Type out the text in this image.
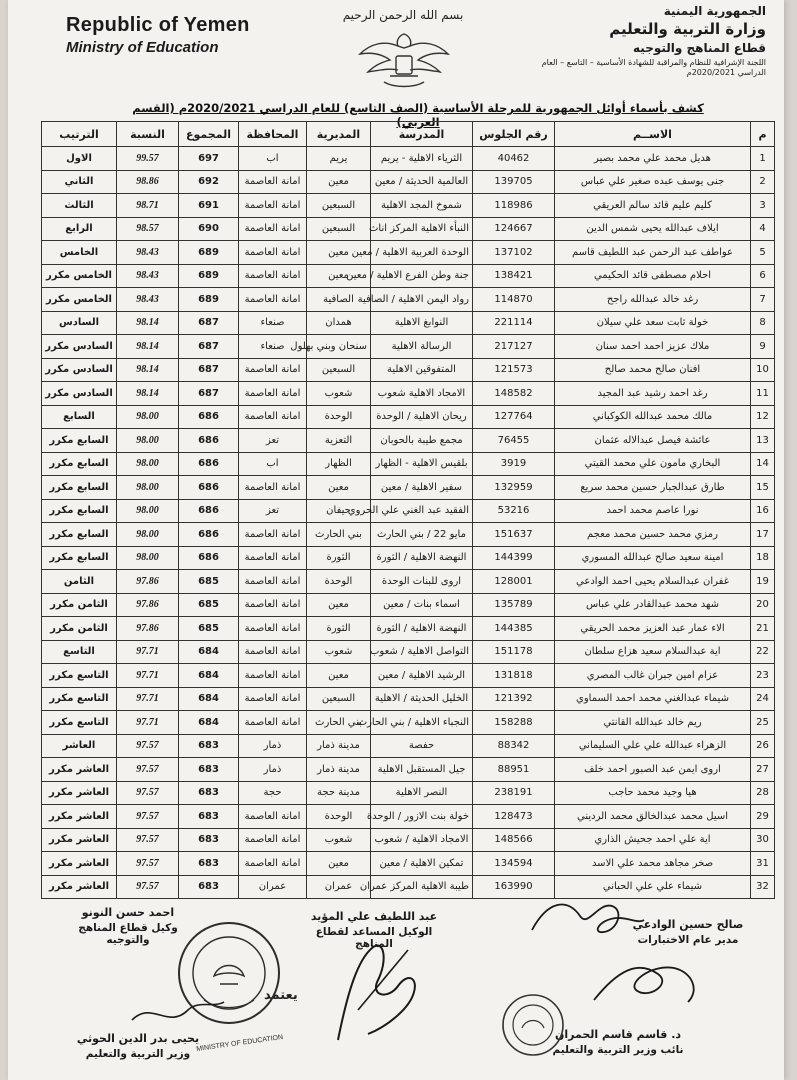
Republic of Yemen
Ministry of Education
بسم الله الرحمن الرحيم	الجمهورية اليمنية
وزارة التربية والتعليم
قطاع المناهج والتوجيه
اللجنة الإشرافية للنظام والمراقبة للشهادة الأساسية – التاسع – العام
الدراسي 2020/2021م
كشف بأسماء أوائل الجمهورية للمرحلة الأساسية (الصف التاسع) للعام الدراسي 2020/2021م (القسم العربي)
م	الاســم	رقم الجلوس	المدرسة	المديرية	المحافظة	المجموع	النسبة	الترتيب
1	هديل محمد علي محمد بصير	40462	الثرياء الاهلية - يريم	يريم	اب	697	99.57	الاول
2	جنى يوسف عبده صغير علي عباس	139705	العالمية الحديثة / معين	معين	امانة العاصمة	692	98.86	الثاني
3	كليم عليم قائد سالم العريقي	118986	شموخ المجد الاهلية	السبعين	امانة العاصمة	691	98.71	الثالث
4	ايلاف عبدالله يحيى شمس الدين	124667	النبأء الاهلية المركز اناث	السبعين	امانة العاصمة	690	98.57	الرابع
5	عواطف عبد الرحمن عبد اللطيف قاسم	137102	الوحدة العربية الاهلية / معين	معين	امانة العاصمة	689	98.43	الخامس
6	احلام مصطفى قائد الحكيمي	138421	جنة وطن الفرع الاهلية / معين	معين	امانة العاصمة	689	98.43	الخامس مكرر
7	رغد خالد عبدالله راجح	114870	رواد اليمن الاهلية / الصافية	الصافية	امانة العاصمة	689	98.43	الخامس مكرر
8	خولة ثابت سعد علي سيلان	221114	النوابغ الاهلية	همدان	صنعاء	687	98.14	السادس
9	ملاك عزيز احمد احمد سنان	217127	الرسالة الاهلية	سنحان وبني بهلول	صنعاء	687	98.14	السادس مكرر
10	افنان صالح محمد صالح	121573	المتفوقين الاهلية	السبعين	امانة العاصمة	687	98.14	السادس مكرر
11	رغد احمد رشيد عبد المجيد	148582	الامجاد الاهلية شعوب	شعوب	امانة العاصمة	687	98.14	السادس مكرر
12	مالك محمد عبدالله الكوكباني	127764	ريحان الاهلية / الوحدة	الوحدة	امانة العاصمة	686	98.00	السابع
13	عائشة فيصل عبدالاله عثمان	76455	مجمع طيبة بالحوبان	التعزية	تعز	686	98.00	السابع مكرر
14	البخاري مامون علي محمد القيتي	3919	بلقيس الاهلية - الظهار	الظهار	اب	686	98.00	السابع مكرر
15	طارق عبدالجبار حسين محمد سريع	132959	سفير الاهلية / معين	معين	امانة العاصمة	686	98.00	السابع مكرر
16	نورا عاصم محمد احمد	53216	الفقيد عبد الغني علي الحروي	حيفان	تعز	686	98.00	السابع مكرر
17	رمزي محمد حسين محمد معجم	151637	مايو 22 / بني الحارث	بني الحارث	امانة العاصمة	686	98.00	السابع مكرر
18	امينة سعيد صالح عبدالله المسوري	144399	النهضة الاهلية / الثورة	الثورة	امانة العاصمة	686	98.00	السابع مكرر
19	غفران عبدالسلام يحيى احمد الوادعي	128001	اروى للبنات الوحدة	الوحدة	امانة العاصمة	685	97.86	الثامن
20	شهد محمد عبدالقادر علي عباس	135789	اسماء بنات / معين	معين	امانة العاصمة	685	97.86	الثامن مكرر
21	الاء عمار عبد العزيز محمد الحريقي	144385	النهضة الاهلية / الثورة	الثورة	امانة العاصمة	685	97.86	الثامن مكرر
22	اية عبدالسلام سعيد هزاع سلطان	151178	التواصل الاهلية / شعوب	شعوب	امانة العاصمة	684	97.71	التاسع
23	عزام امين جبران غالب المصري	131818	الرشيد الاهلية / معين	معين	امانة العاصمة	684	97.71	التاسع مكرر
24	شيماء عبدالغني محمد احمد السماوي	121392	الخليل الحديثة / الاهلية	السبعين	امانة العاصمة	684	97.71	التاسع مكرر
25	ريم خالد عبدالله القانتي	158288	النجباء الاهلية / بني الحارث	بني الحارث	امانة العاصمة	684	97.71	التاسع مكرر
26	الزهراء عبدالله علي علي السليماني	88342	حفصة	مدينة ذمار	ذمار	683	97.57	العاشر
27	اروى ايمن عبد الصبور احمد خلف	88951	جيل المستقبل الاهلية	مدينة ذمار	ذمار	683	97.57	العاشر مكرر
28	هيا وجيد محمد حاجب	238191	النصر الاهلية	مدينة حجة	حجة	683	97.57	العاشر مكرر
29	اسيل محمد عبدالخالق محمد الرديني	128473	خولة بنت الازور / الوحدة	الوحدة	امانة العاصمة	683	97.57	العاشر مكرر
30	اية علي احمد جحيش الذاري	148566	الامجاد الاهلية / شعوب	شعوب	امانة العاصمة	683	97.57	العاشر مكرر
31	صخر مجاهد محمد علي الاسد	134594	تمكين الاهلية / معين	معين	امانة العاصمة	683	97.57	العاشر مكرر
32	شيماء علي علي الحباني	163990	طيبة الاهلية المركز عمران	عمران	عمران	683	97.57	العاشر مكرر
احمد حسن النونو
وكيل قطاع المناهج والتوجيه
عبد اللطيف علي المؤيد
الوكيل المساعد لقطاع المناهج
صالح حسين الوادعي
مدير عام الاختبارات
يعتمد
يحيى بدر الدين الحوثي
وزير التربية والتعليم
د. قاسم قاسم الحمران
نائب وزير التربية والتعليم
MINISTRY OF EDUCATION
